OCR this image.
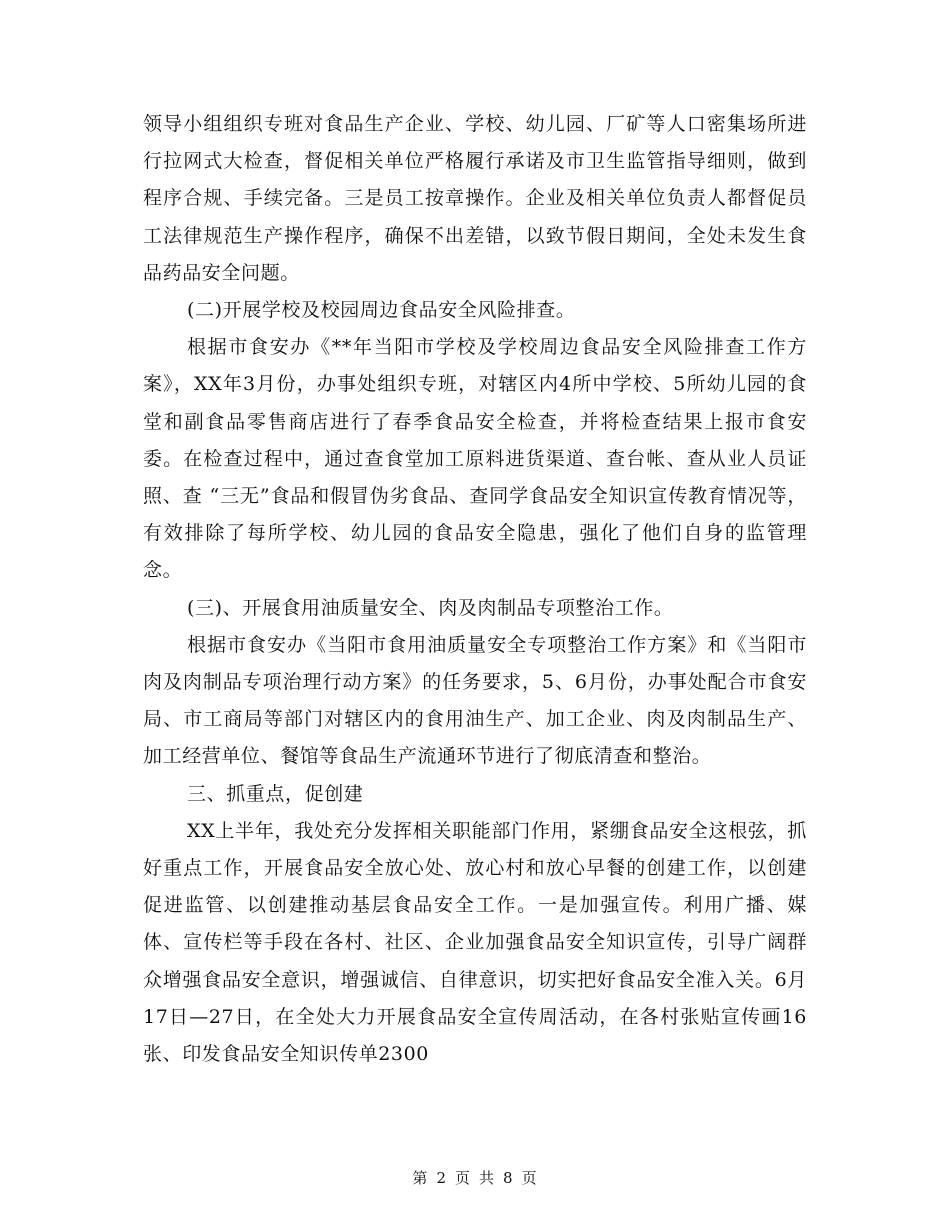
领导小组组织专班对食品生产企业、学校、幼儿园、厂矿等人口密集场所进行拉网式大检查，督促相关单位严格履行承诺及市卫生监管指导细则，做到程序合规、手续完备。三是员工按章操作。企业及相关单位负责人都督促员工法律规范生产操作程序，确保不出差错，以致节假日期间，全处未发生食品药品安全问题。

(二)开展学校及校园周边食品安全风险排查。

根据市食安办《**年当阳市学校及学校周边食品安全风险排查工作方案》，XX年3月份，办事处组织专班，对辖区内4所中学校、5所幼儿园的食堂和副食品零售商店进行了春季食品安全检查，并将检查结果上报市食安委。在检查过程中，通过查食堂加工原料进货渠道、查台帐、查从业人员证照、查 “三无”食品和假冒伪劣食品、查同学食品安全知识宣传教育情况等，有效排除了每所学校、幼儿园的食品安全隐患，强化了他们自身的监管理念。

(三)、开展食用油质量安全、肉及肉制品专项整治工作。

根据市食安办《当阳市食用油质量安全专项整治工作方案》和《当阳市肉及肉制品专项治理行动方案》的任务要求，5、6月份，办事处配合市食安局、市工商局等部门对辖区内的食用油生产、加工企业、肉及肉制品生产、加工经营单位、餐馆等食品生产流通环节进行了彻底清查和整治。

三、抓重点，促创建

XX上半年，我处充分发挥相关职能部门作用，紧绷食品安全这根弦，抓好重点工作，开展食品安全放心处、放心村和放心早餐的创建工作，以创建促进监管、以创建推动基层食品安全工作。一是加强宣传。利用广播、媒体、宣传栏等手段在各村、社区、企业加强食品安全知识宣传，引导广阔群众增强食品安全意识，增强诚信、自律意识，切实把好食品安全准入关。6月17日—27日，在全处大力开展食品安全宣传周活动，在各村张贴宣传画16张、印发食品安全知识传单2300

第 2 页 共 8 页
